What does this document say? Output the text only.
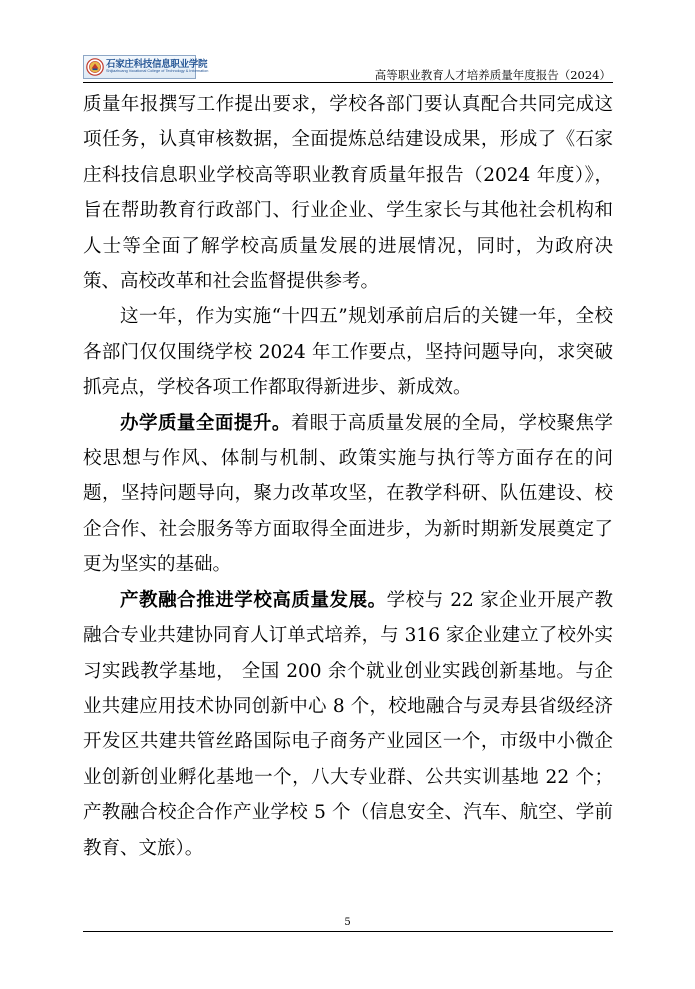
石家庄科技信息职业学院
Shijiazhuang Vocational College of Technology & Information	高等职业教育人才培养质量年度报告（2024）

质量年报撰写工作提出要求，学校各部门要认真配合共同完成这项任务，认真审核数据，全面提炼总结建设成果，形成了《石家庄科技信息职业学校高等职业教育质量年报告（2024 年度）》，旨在帮助教育行政部门、行业企业、学生家长与其他社会机构和人士等全面了解学校高质量发展的进展情况，同时，为政府决策、高校改革和社会监督提供参考。

这一年，作为实施“十四五”规划承前启后的关键一年，全校各部门仅仅围绕学校 2024 年工作要点，坚持问题导向，求突破抓亮点，学校各项工作都取得新进步、新成效。

办学质量全面提升。着眼于高质量发展的全局，学校聚焦学校思想与作风、体制与机制、政策实施与执行等方面存在的问题，坚持问题导向，聚力改革攻坚，在教学科研、队伍建设、校企合作、社会服务等方面取得全面进步，为新时期新发展奠定了更为坚实的基础。

产教融合推进学校高质量发展。学校与 22 家企业开展产教融合专业共建协同育人订单式培养，与 316 家企业建立了校外实习实践教学基地， 全国 200 余个就业创业实践创新基地。与企业共建应用技术协同创新中心 8 个，校地融合与灵寿县省级经济开发区共建共管丝路国际电子商务产业园区一个，市级中小微企业创新创业孵化基地一个，八大专业群、公共实训基地 22 个；产教融合校企合作产业学校 5 个（信息安全、汽车、航空、学前教育、文旅）。

5
